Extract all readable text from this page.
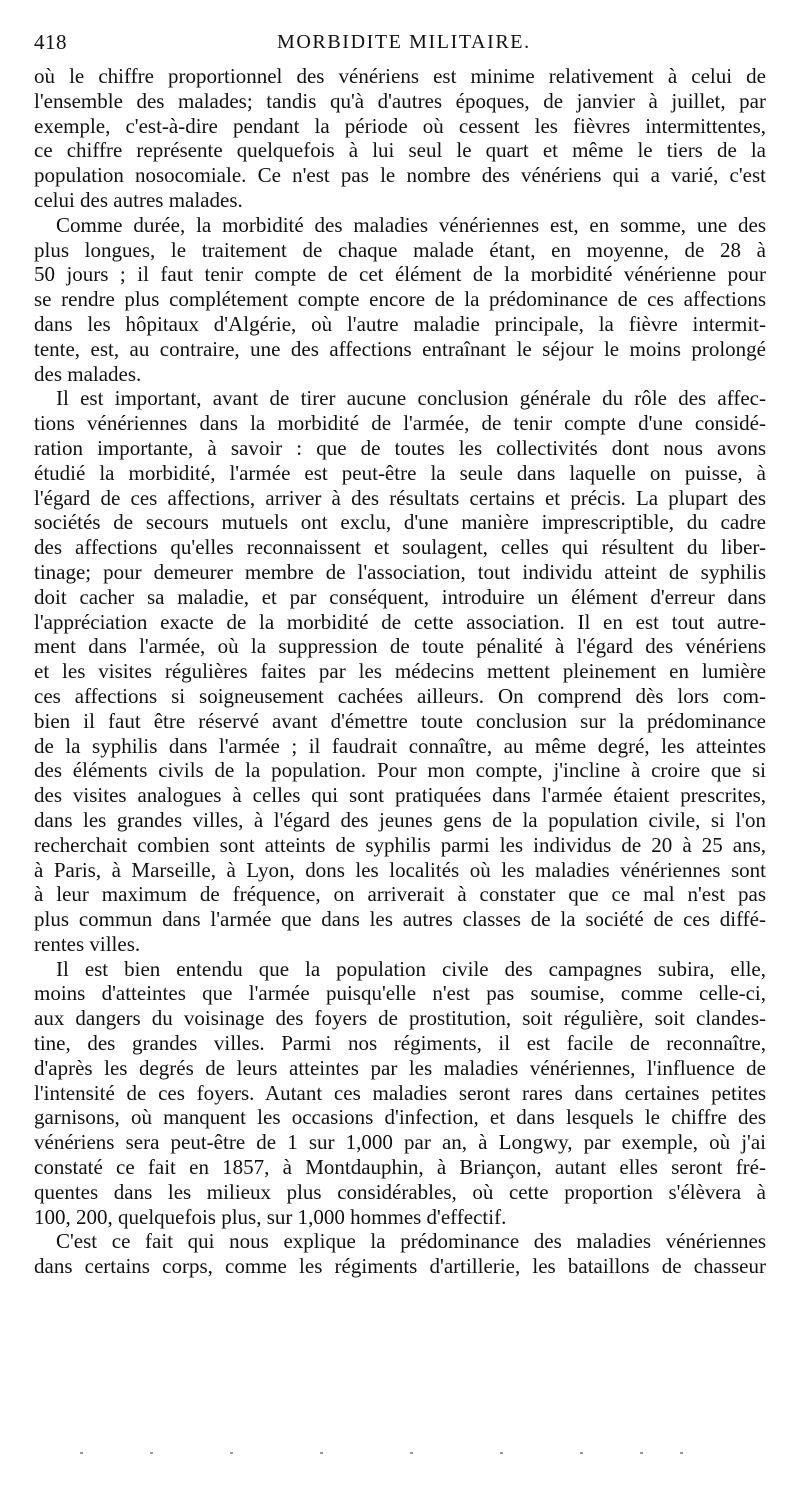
418	MORBIDITE MILITAIRE.
où le chiffre proportionnel des vénériens est minime relativement à celui de
l'ensemble des malades; tandis qu'à d'autres époques, de janvier à juillet, par
exemple, c'est-à-dire pendant la période où cessent les fièvres intermittentes,
ce chiffre représente quelquefois à lui seul le quart et même le tiers de la
population nosocomiale. Ce n'est pas le nombre des vénériens qui a varié, c'est
celui des autres malades.
Comme durée, la morbidité des maladies vénériennes est, en somme, une des
plus longues, le traitement de chaque malade étant, en moyenne, de 28 à
50 jours ; il faut tenir compte de cet élément de la morbidité vénérienne pour
se rendre plus complétement compte encore de la prédominance de ces affections
dans les hôpitaux d'Algérie, où l'autre maladie principale, la fièvre intermit-
tente, est, au contraire, une des affections entraînant le séjour le moins prolongé
des malades.
Il est important, avant de tirer aucune conclusion générale du rôle des affec-
tions vénériennes dans la morbidité de l'armée, de tenir compte d'une considé-
ration importante, à savoir : que de toutes les collectivités dont nous avons
étudié la morbidité, l'armée est peut-être la seule dans laquelle on puisse, à
l'égard de ces affections, arriver à des résultats certains et précis. La plupart des
sociétés de secours mutuels ont exclu, d'une manière imprescriptible, du cadre
des affections qu'elles reconnaissent et soulagent, celles qui résultent du liber-
tinage; pour demeurer membre de l'association, tout individu atteint de syphilis
doit cacher sa maladie, et par conséquent, introduire un élément d'erreur dans
l'appréciation exacte de la morbidité de cette association. Il en est tout autre-
ment dans l'armée, où la suppression de toute pénalité à l'égard des vénériens
et les visites régulières faites par les médecins mettent pleinement en lumière
ces affections si soigneusement cachées ailleurs. On comprend dès lors com-
bien il faut être réservé avant d'émettre toute conclusion sur la prédominance
de la syphilis dans l'armée ; il faudrait connaître, au même degré, les atteintes
des éléments civils de la population. Pour mon compte, j'incline à croire que si
des visites analogues à celles qui sont pratiquées dans l'armée étaient prescrites,
dans les grandes villes, à l'égard des jeunes gens de la population civile, si l'on
recherchait combien sont atteints de syphilis parmi les individus de 20 à 25 ans,
à Paris, à Marseille, à Lyon, dons les localités où les maladies vénériennes sont
à leur maximum de fréquence, on arriverait à constater que ce mal n'est pas
plus commun dans l'armée que dans les autres classes de la société de ces diffé-
rentes villes.
Il est bien entendu que la population civile des campagnes subira, elle,
moins d'atteintes que l'armée puisqu'elle n'est pas soumise, comme celle-ci,
aux dangers du voisinage des foyers de prostitution, soit régulière, soit clandes-
tine, des grandes villes. Parmi nos régiments, il est facile de reconnaître,
d'après les degrés de leurs atteintes par les maladies vénériennes, l'influence de
l'intensité de ces foyers. Autant ces maladies seront rares dans certaines petites
garnisons, où manquent les occasions d'infection, et dans lesquels le chiffre des
vénériens sera peut-être de 1 sur 1,000 par an, à Longwy, par exemple, où j'ai
constaté ce fait en 1857, à Montdauphin, à Briançon, autant elles seront fré-
quentes dans les milieux plus considérables, où cette proportion s'élèvera à
100, 200, quelquefois plus, sur 1,000 hommes d'effectif.
C'est ce fait qui nous explique la prédominance des maladies vénériennes
dans certains corps, comme les régiments d'artillerie, les bataillons de chasseur
